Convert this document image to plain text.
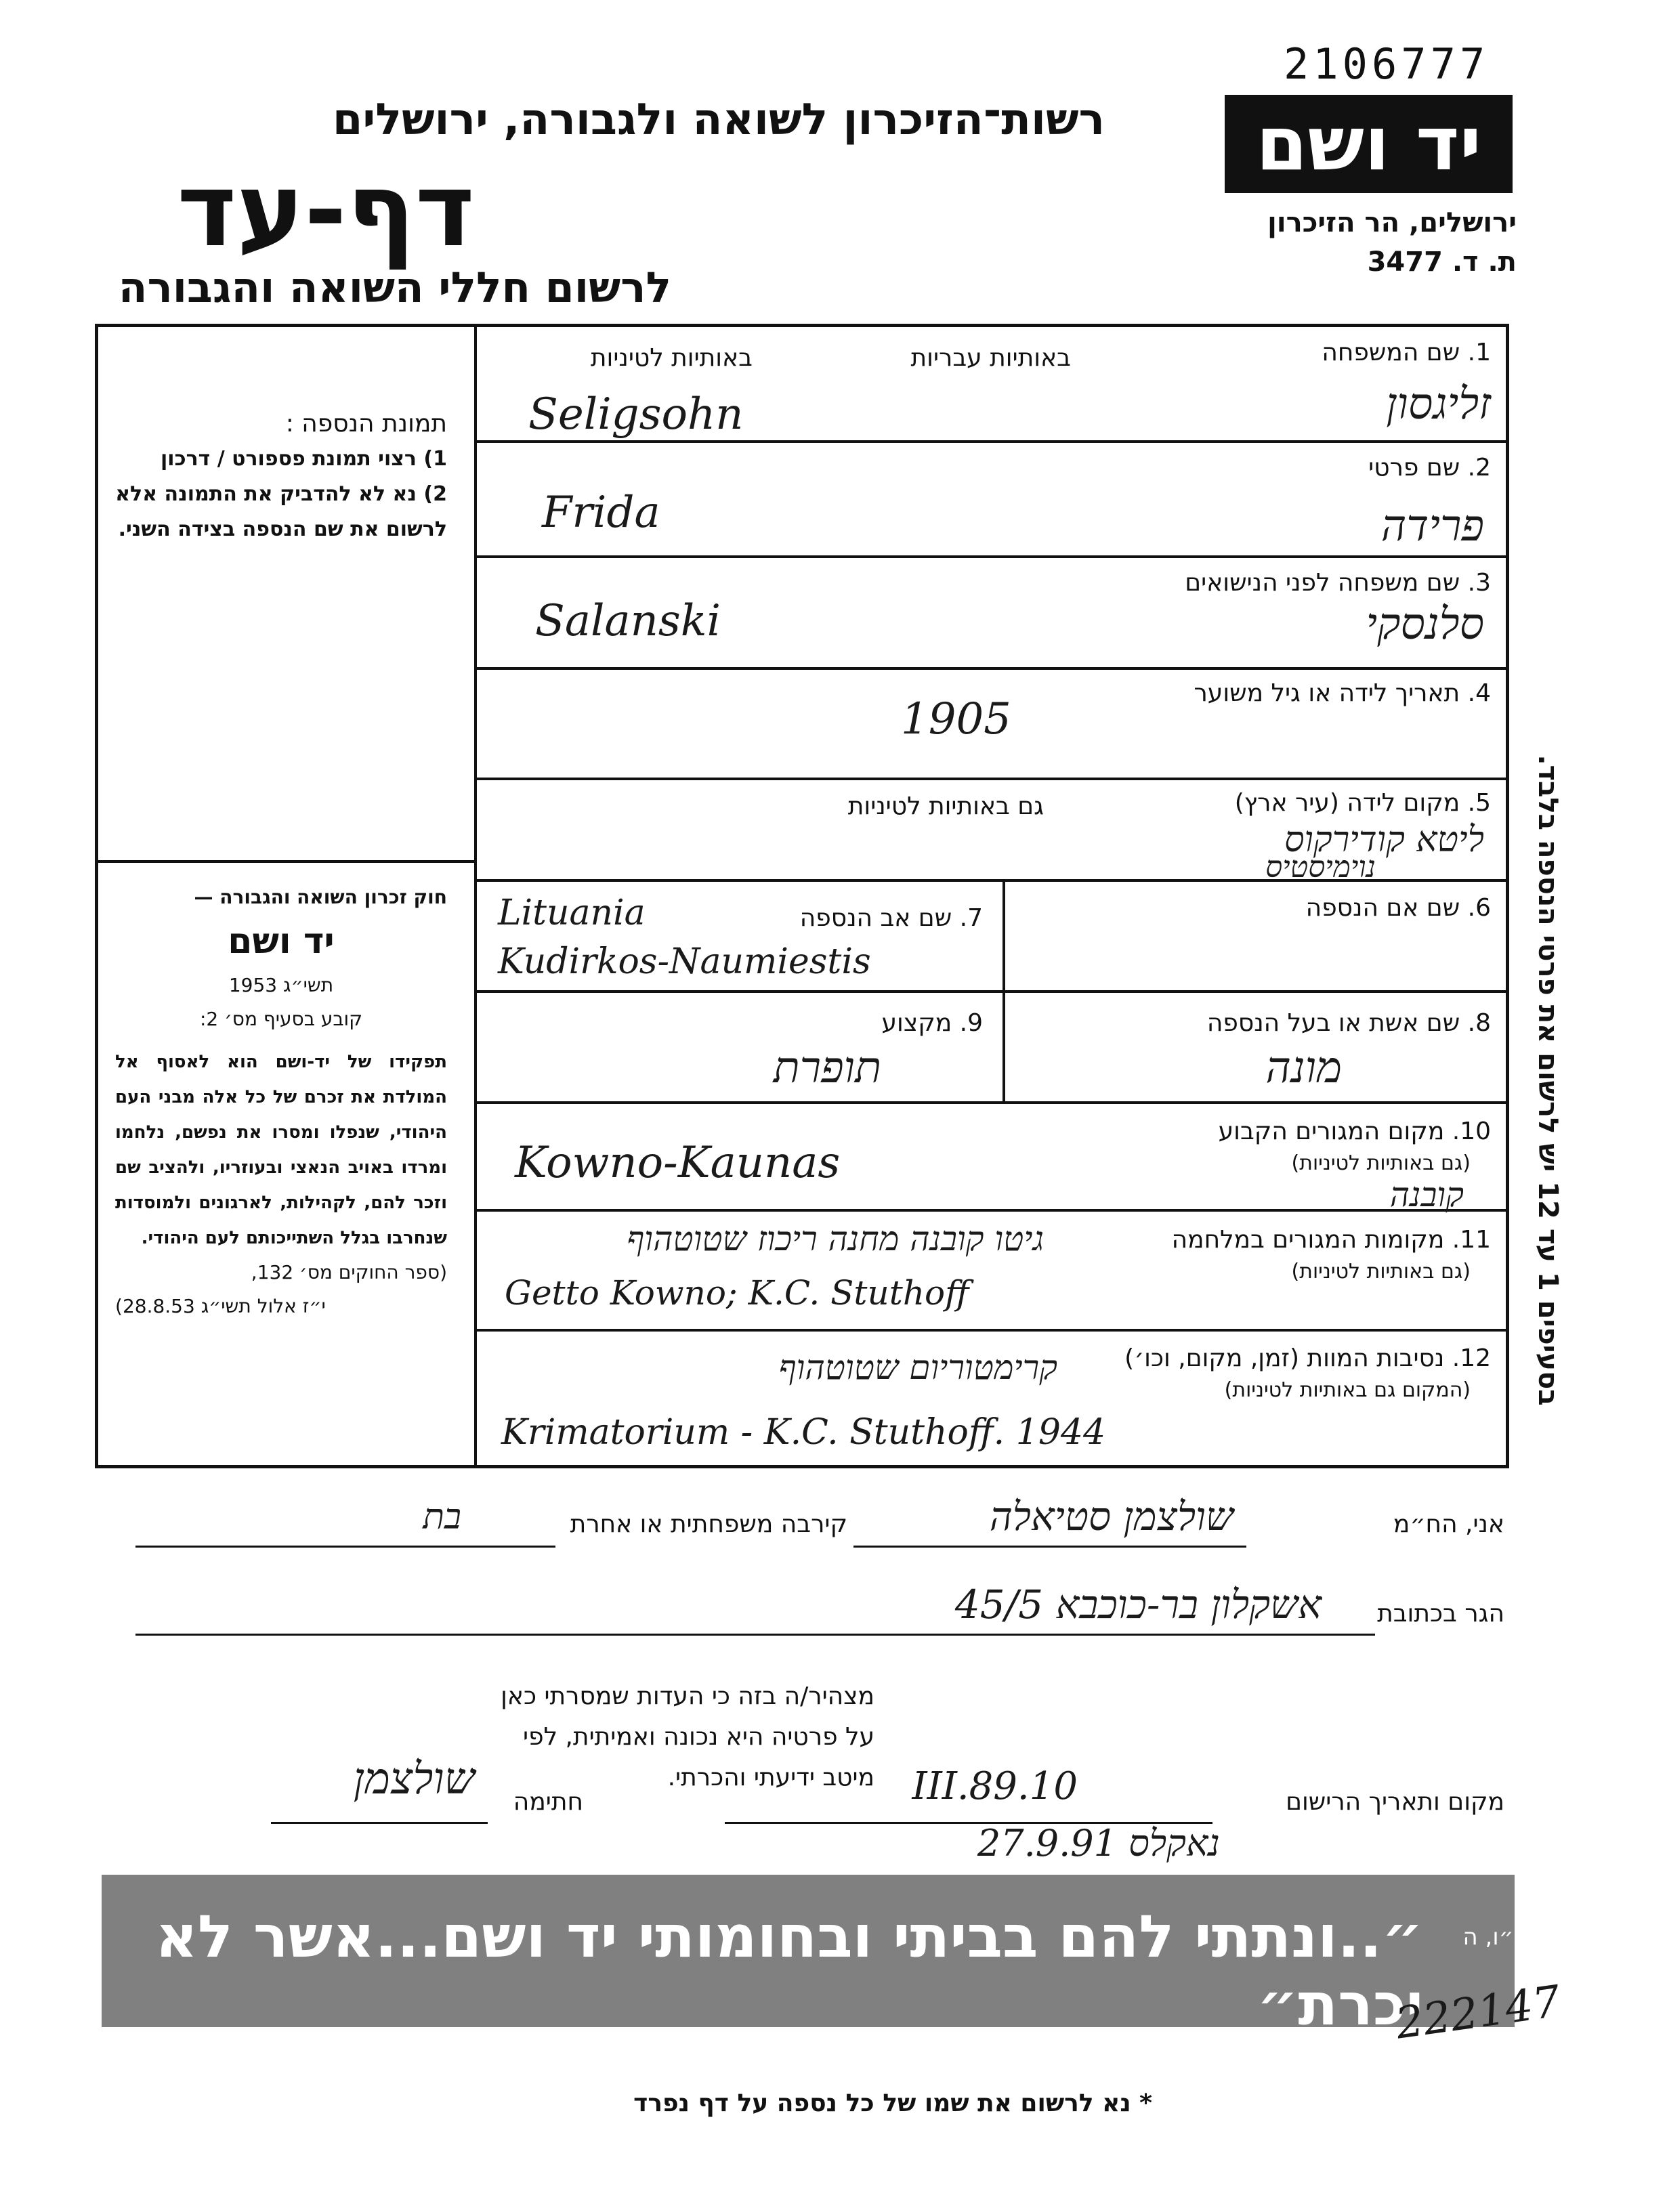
2106777
יד ושם
ירושלים, הר הזיכרון
ת. ד. 3477
רשות־הזיכרון לשואה ולגבורה, ירושלים
דף-עד
לרשום חללי השואה והגבורה

תמונת הנספה :

1) רצוי תמונת פספורט / דרכון

2) נא לא להדביק את התמונה אלא לרשום את שם הנספה בצידה השני.

חוק זכרון השואה והגבורה —

יד ושם

תשי״ג 1953

קובע בסעיף מס׳ 2:

תפקידו של יד-ושם הוא לאסוף אל המולדת את זכרם של כל אלה מבני העם היהודי, שנפלו ומסרו את נפשם, נלחמו ומרדו באויב הנאצי ובעוזריו, ולהציב שם וזכר להם, לקהילות, לארגונים ולמוסדות שנחרבו בגלל השתייכותם לעם היהודי.

(ספר החוקים מס׳ 132,

י״ז אלול תשי״ג 28.8.53)

1. שם המשפחה
באותיות עבריות
באותיות לטיניות
זליגסון
Seligsohn
2. שם פרטי
Frida	פרידה
3. שם משפחה לפני הנישואים
Salanski	סלנסקי
4. תאריך לידה או גיל משוער
1905
5. מקום לידה (עיר ארץ)
גם באותיות לטיניות
ליטא קודירקוס
נוימיסטיס
6. שם אם הנספה
7. שם אב הנספה
Lituania
Kudirkos-Naumiestis
8. שם אשת או בעל הנספה
מונה
9. מקצוע
תופרת
10. מקום המגורים הקבוע
(גם באותיות לטיניות)
Kowno-Kaunas
קובנה
11. מקומות המגורים במלחמה
(גם באותיות לטיניות)
גיטו קובנה מחנה ריכוז שטוטהוף
Getto Kowno; K.C. Stuthoff
12. נסיבות המוות (זמן, מקום, וכו׳)
(המקום גם באותיות לטיניות)
קרימטוריום שטוטהוף
Krimatorium - K.C. Stuthoff. 1944
בסעיפים 1 עד 12 יש לרשום את פרטי הנספה בלבד.
אני, הח״מ
שולצמן סטיאלה
קירבה משפחתית או אחרת
בת
הגר בכתובת
אשקלון בר-כוכבא 45/5
מצהיר/ה בזה כי העדות שמסרתי כאן על פרטיה היא נכונה ואמיתית, לפי מיטב ידיעתי והכרתי.
מקום ותאריך הרישום
10.III.89
נאקלס 27.9.91
חתימה
שולצמן
״..ונתתי להם בביתי ובחומותי יד ושם...אשר לא יכרת״
ישעיהו נ״ו, ה
222147
* נא לרשום את שמו של כל נספה על דף נפרד
